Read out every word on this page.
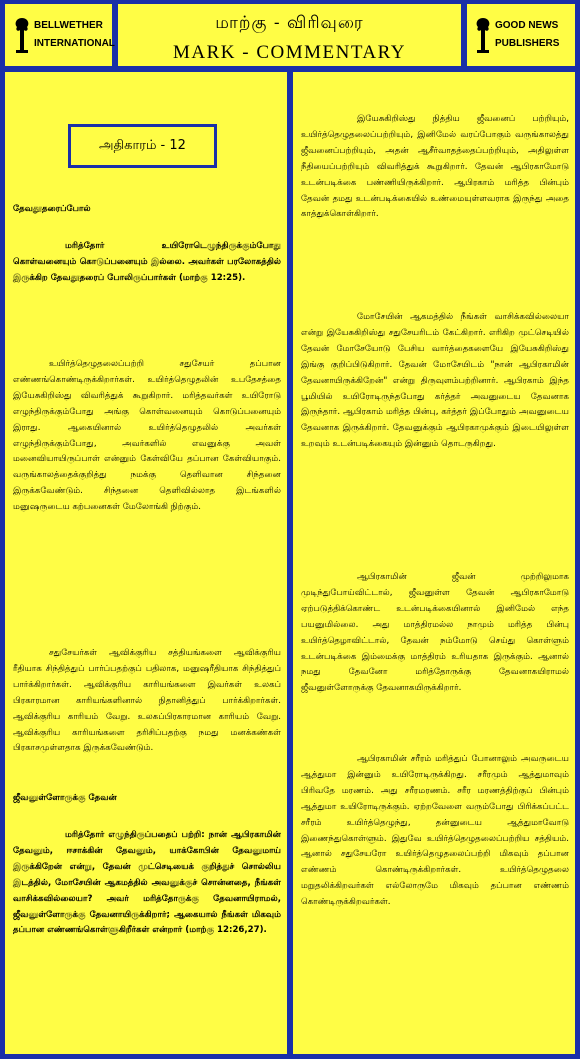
BELLWETHER
INTERNATIONAL
மாற்கு - விரிவுரை
MARK - COMMENTARY
GOOD NEWS
PUBLISHERS
அதிகாரம் - 12
தேவதூதரைப்போல்
மரித்தோர் உயிரோடெழுந்திருக்கும்போது கொள்வனையும் கொடுப்பனையும் இல்லை. அவர்கள் பரலோகத்தில் இருக்கிற தேவதூதரைப் போலிருப்பார்கள் (மாற்கு 12:25).
உயிர்த்தெழுதலைப்பற்றி சதுசேயர் தப்பான எண்ணங்கொண்டிருக்கிறார்கள். உயிர்த்தெழுதலின் உபதேசத்தை இயேசுகிறிஸ்து விவரித்துக் கூறுகிறார். மரித்தவர்கள் உயிரோடு எழுந்திருக்கும்போது அங்கு கொள்வனையும் கொடுப்பனையும் இராது. ஆகையினால் உயிர்த்தெழுதலில் அவர்கள் எழுந்திருக்கும்போது, அவர்களில் எவனுக்கு அவள் மனைவியாயிருப்பாள் என்னும் கேள்வியே தப்பான கேள்வியாகும். வருங்காலத்தைக்குறித்து நமக்கு தெளிவான சிந்தனை இருக்கவேண்டும். சிந்தனை தெளிவில்லாத இடங்களில் மனுஷருடைய கற்பனைகள் மேலோங்கி நிற்கும்.
சதுசேயர்கள் ஆவிக்குரிய சத்தியங்களை ஆவிக்குரிய ரீதியாக சிந்தித்துப் பார்ப்பதற்குப் பதிலாக, மனுஷரீதியாக சிந்தித்துப் பார்க்கிறார்கள். ஆவிக்குரிய காரியங்களை இவர்கள் உலகப் பிரகாரமான காரியங்களினால் நிதானித்துப் பார்க்கிறார்கள். ஆவிக்குரிய காரியம் வேறு. உலகப்பிரகாரமான காரியம் வேறு. ஆவிக்குரிய காரியங்களை தரிசிப்பதற்கு நமது மனக்கண்கள் பிரகாசமுள்ளதாக இருக்கவேண்டும்.
ஜீவனுள்ளோருக்கு தேவன்
மரித்தோர் எழுந்திருப்பதைப் பற்றி: நான் ஆபிரகாமின் தேவனும், ஈசாக்கின் தேவனும், யாக்கோபின் தேவனுமாய் இருக்கிறேன் என்று, தேவன் முட்செடியைக் குறித்துச் சொல்லிய இடத்தில், மோசேயின் ஆகமத்தில் அவனுக்குச் சொன்னதை, நீங்கள் வாசிக்கவில்லையா? அவர் மரித்தோருக்கு தேவனாயிராமல், ஜீவனுள்ளோருக்கு தேவனாயிருக்கிறார்; ஆகையால் நீங்கள் மிகவும் தப்பான எண்ணங்கொள்ளுகிறீர்கள் என்றார் (மாற்கு 12:26,27).
இயேசுகிறிஸ்து நித்திய ஜீவனைப் பற்றியும், உயிர்த்தெழுதலைப்பற்றியும், இனிமேல் வரப்போகும் வருங்காலத்து ஜீவனைப்பற்றியும், அதன் ஆசீர்வாதத்தைப்பற்றியும், அதிலுள்ள நீதியைப்பற்றியும் விவரித்துக் கூறுகிறார். தேவன் ஆபிரகாமோடு உடன்படிக்கை பண்ணியிருக்கிறார். ஆபிரகாம் மரித்த பின்பும் தேவன் தமது உடன்படிக்கையில் உண்மையுள்ளவராக இருந்து அதை காத்துக்கொள்கிறார்.
மோசேயின் ஆகமத்தில் நீங்கள் வாசிக்கவில்லையா என்று இயேசுகிறிஸ்து சதுசேயரிடம் கேட்கிறார். எரிகிற முட்செடியில் தேவன் மோசேயோடு பேசிய வார்த்தைகளையே இயேசுகிறிஸ்து இங்கு குறிப்பிடுகிறார். தேவன் மோசேயிடம் "நான் ஆபிரகாமின் தேவனாயிருக்கிறேன்" என்று திருவுளம்பற்றினார். ஆபிரகாம் இந்த பூமியில் உயிரோடிருந்தபோது கர்த்தர் அவனுடைய தேவனாக இருந்தார். ஆபிரகாம் மரித்த பின்பு, கர்த்தர் இப்போதும் அவனுடைய தேவனாக இருக்கிறார். தேவனுக்கும் ஆபிரகாமுக்கும் இடையிலுள்ள உறவும் உடன்படிக்கையும் இன்னும் தொடருகிறது.
ஆபிரகாமின் ஜீவன் முற்றிலுமாக முடிந்துபோய்விட்டால், ஜீவனுள்ள தேவன் ஆபிரகாமோடு ஏற்படுத்திக்கொண்ட உடன்படிக்கையினால் இனிமேல் எந்த பயனுமில்லை. அது மாத்திரமல்ல நாமும் மரித்த பின்பு உயிர்த்தெழாவிட்டால், தேவன் நம்மோடு செய்து கொள்ளும் உடன்படிக்கை இம்மைக்கு மாத்திரம் உரியதாக இருக்கும். ஆனால் நமது தேவனோ மரித்தோருக்கு தேவனாகயிராமல் ஜீவனுள்ளோருக்கு தேவனாகயிருக்கிறார்.
ஆபிரகாமின் சரீரம் மரித்துப் போனாலும் அவருடைய ஆத்துமா இன்னும் உயிரோடிருக்கிறது. சரீரமும் ஆத்துமாவும் பிரிவதே மரணம். அது சரீரமரணம். சரீர மரணத்திற்குப் பின்பும் ஆத்துமா உயிரோடிருக்கும். ஏற்றவேளை வரும்போது பிரிக்கப்பட்ட சரீரம் உயிர்த்தெழுந்து, தன்னுடைய ஆத்துமாவோடு இணைந்துகொள்ளும். இதுவே உயிர்த்தெழுதலைப்பற்றிய சத்தியம். ஆனால் சதுசேயரோ உயிர்த்தெழுதலைப்பற்றி மிகவும் தப்பான எண்ணம் கொண்டிருக்கிறார்கள். உயிர்த்தெழுதலை மறுதலிக்கிறவர்கள் எல்லோருமே மிகவும் தப்பான எண்ணம் கொண்டிருக்கிறவர்கள்.
